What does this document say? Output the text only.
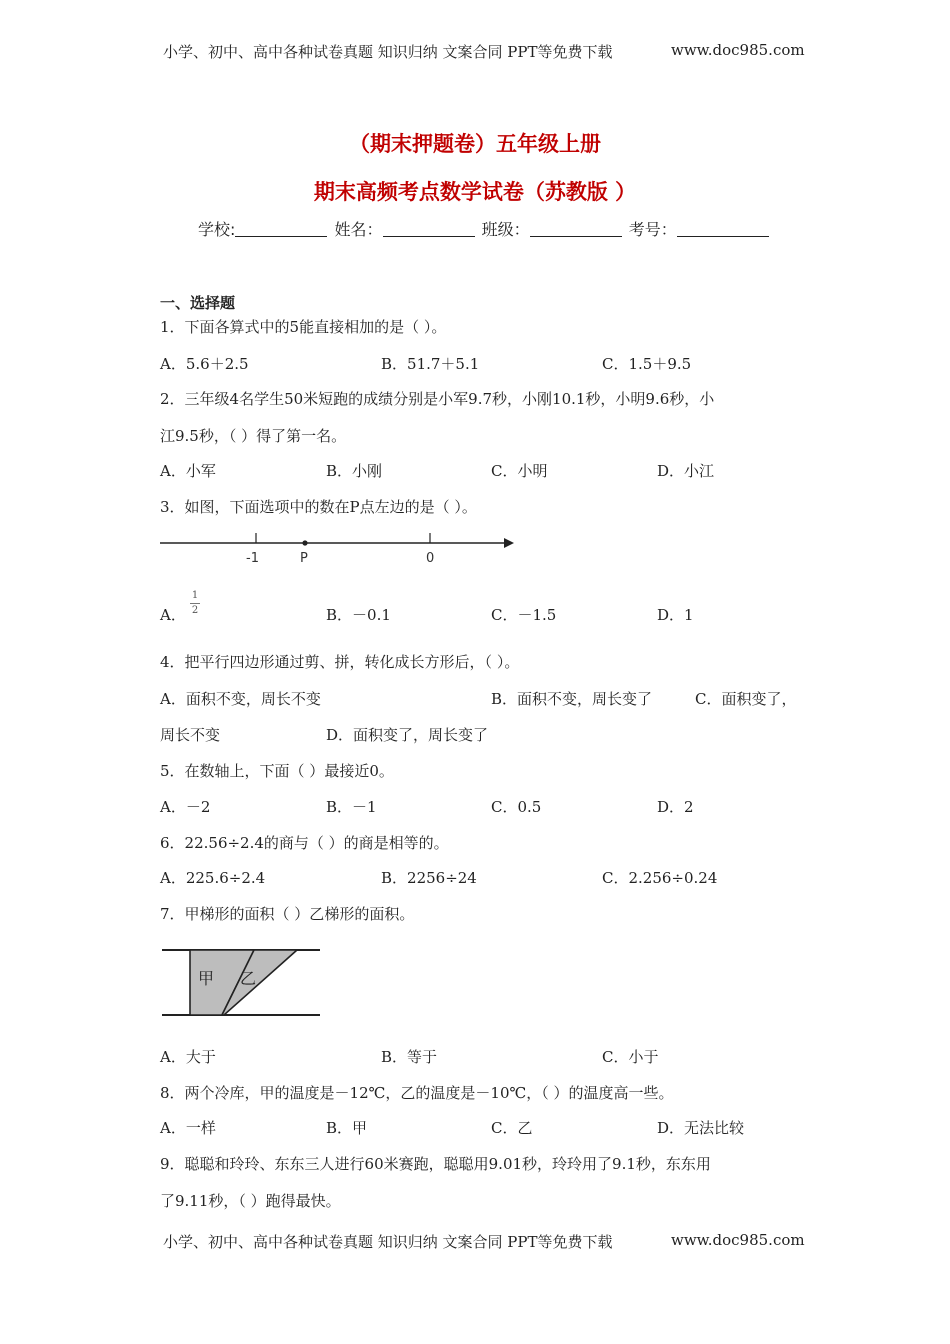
小学、初中、高中各种试卷真题 知识归纳 文案合同 PPT等免费下载	www.doc985.com
（期末押题卷）五年级上册
期末高频考点数学试卷（苏教版 ）
学校:	姓名：	班级：	考号：
一、选择题
1．下面各算式中的5能直接相加的是（ ）。
A．5.6＋2.5	B．51.7＋5.1	C．1.5＋9.5
2．三年级4名学生50米短跑的成绩分别是小军9.7秒，小刚10.1秒，小明9.6秒，小
江9.5秒，（ ）得了第一名。
A．小军	B．小刚	C．小明	D．小江
3．如图，下面选项中的数在P点左边的是（ ）。
-1	P	0
A．
1
2	B．－0.1	C．－1.5	D．1
4．把平行四边形通过剪、拼，转化成长方形后，（ ）。
A．面积不变，周长不变	B．面积不变，周长变了	C．面积变了，
周长不变	D．面积变了，周长变了
5．在数轴上，下面（ ）最接近0。
A．－2	B．－1	C．0.5	D．2
6．22.56÷2.4的商与（ ）的商是相等的。
A．225.6÷2.4	B．2256÷24	C．2.256÷0.24
7．甲梯形的面积（ ）乙梯形的面积。
甲 乙
A．大于	B．等于	C．小于
8．两个冷库，甲的温度是－12℃，乙的温度是－10℃，（ ）的温度高一些。
A．一样	B．甲	C．乙	D．无法比较
9．聪聪和玲玲、东东三人进行60米赛跑，聪聪用9.01秒，玲玲用了9.1秒，东东用
了9.11秒，（ ）跑得最快。
小学、初中、高中各种试卷真题 知识归纳 文案合同 PPT等免费下载	www.doc985.com
